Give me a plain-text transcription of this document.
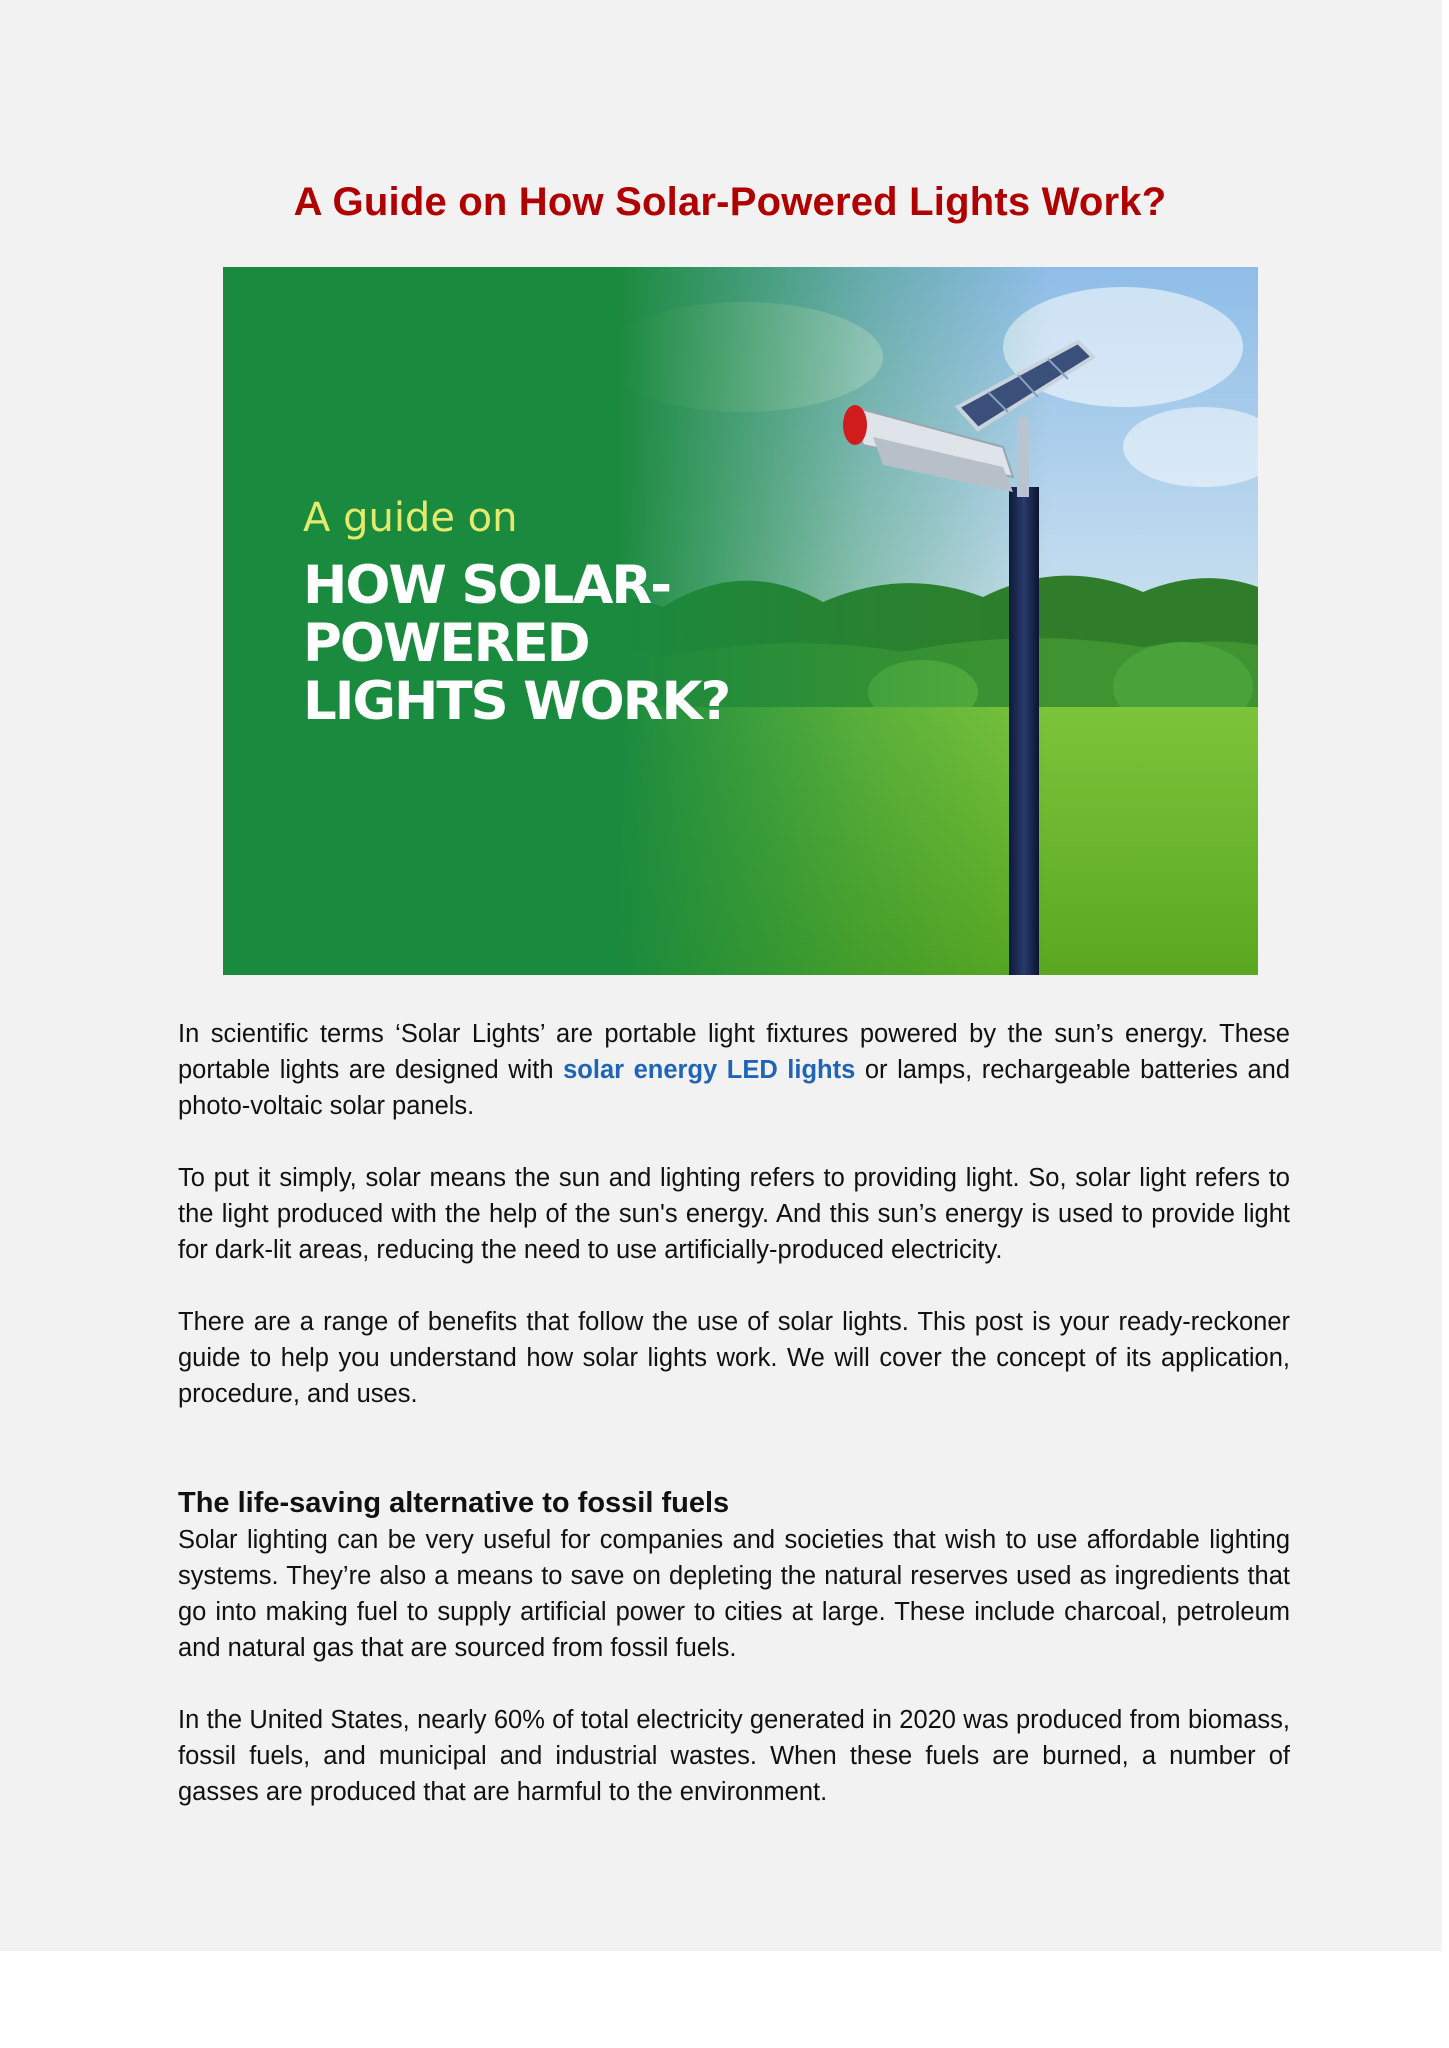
A Guide on How Solar-Powered Lights Work?
A guide on
HOW SOLAR-
POWERED
LIGHTS WORK?

In scientific terms ‘Solar Lights’ are portable light fixtures powered by the sun’s energy. These portable lights are designed with solar energy LED lights or lamps, rechargeable batteries and photo-voltaic solar panels.

To put it simply, solar means the sun and lighting refers to providing light. So, solar light refers to the light produced with the help of the sun's energy. And this sun’s energy is used to provide light for dark-lit areas, reducing the need to use artificially-produced electricity.

There are a range of benefits that follow the use of solar lights. This post is your ready-reckoner guide to help you understand how solar lights work. We will cover the concept of its application, procedure, and uses.

The life-saving alternative to fossil fuels

Solar lighting can be very useful for companies and societies that wish to use affordable lighting systems. They’re also a means to save on depleting the natural reserves used as ingredients that go into making fuel to supply artificial power to cities at large. These include charcoal, petroleum and natural gas that are sourced from fossil fuels.

In the United States, nearly 60% of total electricity generated in 2020 was produced from biomass, fossil fuels, and municipal and industrial wastes. When these fuels are burned, a number of gasses are produced that are harmful to the environment.
